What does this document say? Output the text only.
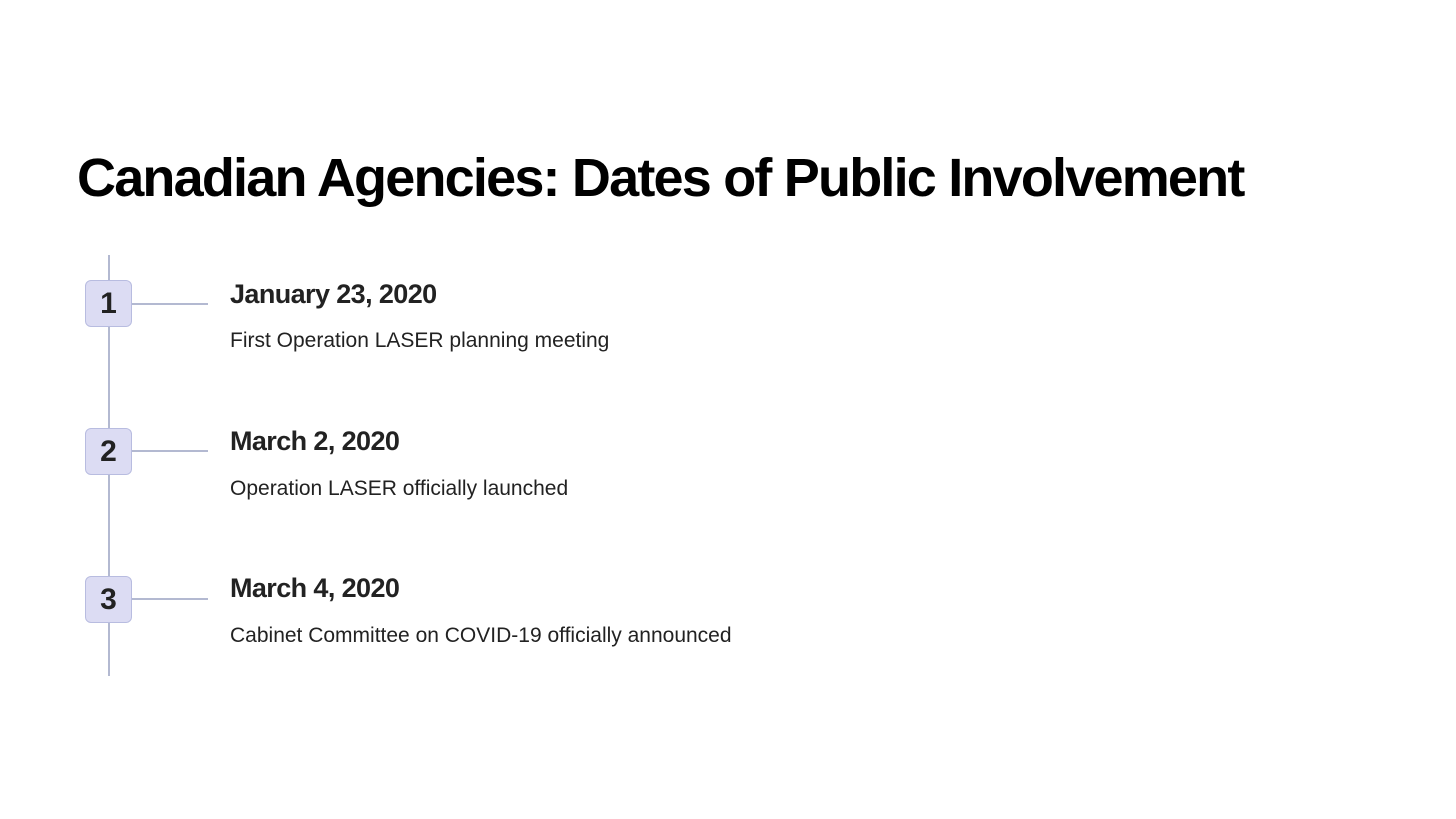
Canadian Agencies: Dates of Public Involvement
1	January 23, 2020
First Operation LASER planning meeting
2	March 2, 2020
Operation LASER officially launched
3	March 4, 2020
Cabinet Committee on COVID-19 officially announced
